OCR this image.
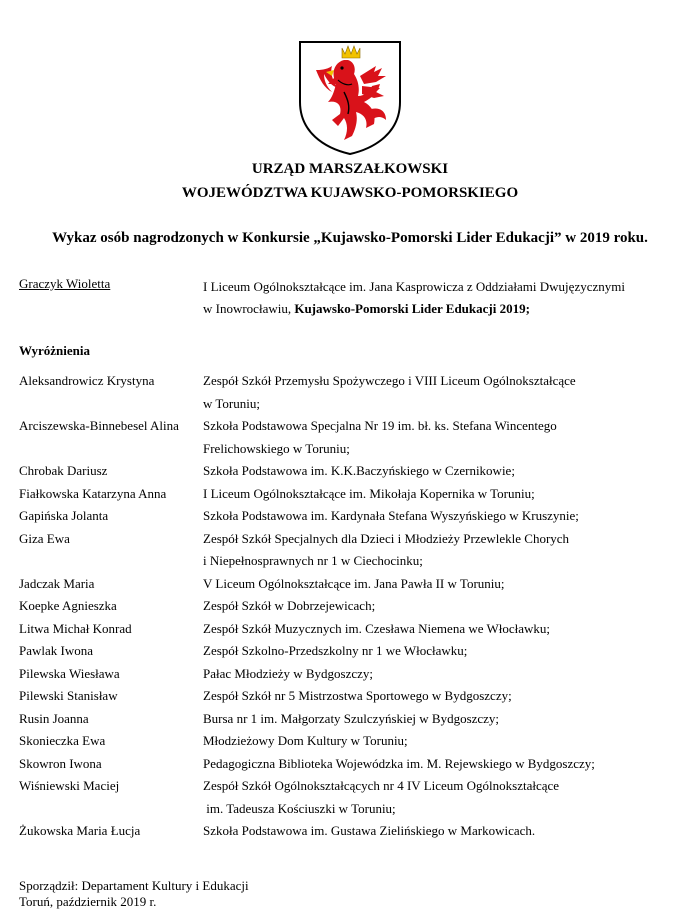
URZĄD MARSZAŁKOWSKI
WOJEWÓDZTWA KUJAWSKO-POMORSKIEGO
Wykaz osób nagrodzonych w Konkursie „Kujawsko-Pomorski Lider Edukacji” w 2019 roku.
Graczyk Wioletta	I Liceum Ogólnokształcące im. Jana Kasprowicza z Oddziałami Dwujęzycznymi
w Inowrocławiu, Kujawsko-Pomorski Lider Edukacji 2019;
Wyróżnienia
Aleksandrowicz Krystyna	Zespół Szkół Przemysłu Spożywczego i VIII Liceum Ogólnokształcące
w Toruniu;
Arciszewska-Binnebesel Alina	Szkoła Podstawowa Specjalna Nr 19 im. bł. ks. Stefana Wincentego
Frelichowskiego w Toruniu;
Chrobak Dariusz	Szkoła Podstawowa im. K.K.Baczyńskiego w Czernikowie;
Fiałkowska Katarzyna Anna	I Liceum Ogólnokształcące im. Mikołaja Kopernika w Toruniu;
Gapińska Jolanta	Szkoła Podstawowa im. Kardynała Stefana Wyszyńskiego w Kruszynie;
Giza Ewa	Zespół Szkół Specjalnych dla Dzieci i Młodzieży Przewlekle Chorych
i Niepełnosprawnych nr 1 w Ciechocinku;
Jadczak Maria	V Liceum Ogólnokształcące im. Jana Pawła II w Toruniu;
Koepke Agnieszka	Zespół Szkół w Dobrzejewicach;
Litwa Michał Konrad	Zespół Szkół Muzycznych im. Czesława Niemena we Włocławku;
Pawlak Iwona	Zespół Szkolno-Przedszkolny nr 1 we Włocławku;
Pilewska Wiesława	Pałac Młodzieży w Bydgoszczy;
Pilewski Stanisław	Zespół Szkół nr 5 Mistrzostwa Sportowego w Bydgoszczy;
Rusin Joanna	Bursa nr 1 im. Małgorzaty Szulczyńskiej w Bydgoszczy;
Skonieczka Ewa	Młodzieżowy Dom Kultury w Toruniu;
Skowron Iwona	Pedagogiczna Biblioteka Wojewódzka im. M. Rejewskiego w Bydgoszczy;
Wiśniewski Maciej	Zespół Szkół Ogólnokształcących nr 4 IV Liceum Ogólnokształcące
im. Tadeusza Kościuszki w Toruniu;
Żukowska Maria Łucja	Szkoła Podstawowa im. Gustawa Zielińskiego w Markowicach.
Sporządził: Departament Kultury i Edukacji
Toruń, październik 2019 r.
